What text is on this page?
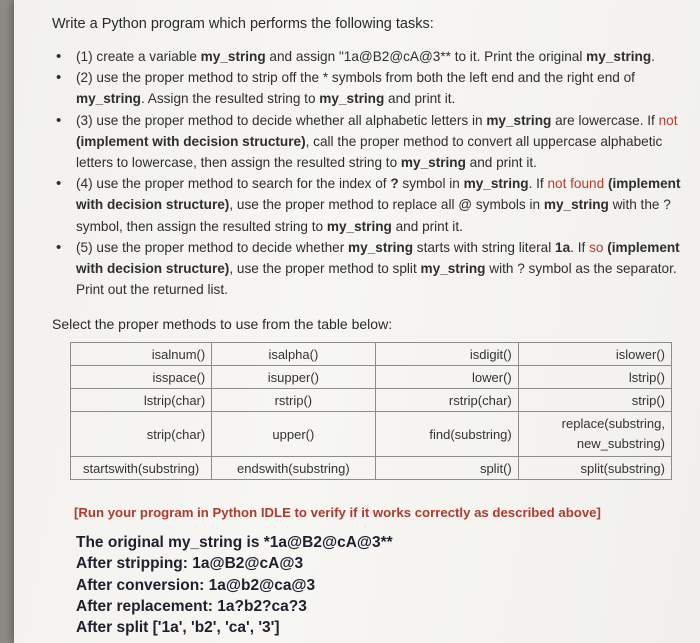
Write a Python program which performs the following tasks:
• (1) create a variable my_string and assign "1a@B2@cA@3** to it. Print the original my_string.
• (2) use the proper method to strip off the * symbols from both the left end and the right end of my_string. Assign the resulted string to my_string and print it.
• (3) use the proper method to decide whether all alphabetic letters in my_string are lowercase. If not (implement with decision structure), call the proper method to convert all uppercase alphabetic letters to lowercase, then assign the resulted string to my_string and print it.
• (4) use the proper method to search for the index of ? symbol in my_string. If not found (implement with decision structure), use the proper method to replace all @ symbols in my_string with the ? symbol, then assign the resulted string to my_string and print it.
• (5) use the proper method to decide whether my_string starts with string literal 1a. If so (implement with decision structure), use the proper method to split my_string with ? symbol as the separator. Print out the returned list.
Select the proper methods to use from the table below:
isalnum()	isalpha()	isdigit()	islower()
isspace()	isupper()	lower()	lstrip()
lstrip(char)	rstrip()	rstrip(char)	strip()
strip(char)	upper()	find(substring)	replace(substring, new_substring)
startswith(substring)	endswith(substring)	split()	split(substring)
[Run your program in Python IDLE to verify if it works correctly as described above]

The original my_string is *1a@B2@cA@3**

After stripping: 1a@B2@cA@3

After conversion: 1a@b2@ca@3

After replacement: 1a?b2?ca?3

After split ['1a', 'b2', 'ca', '3']
